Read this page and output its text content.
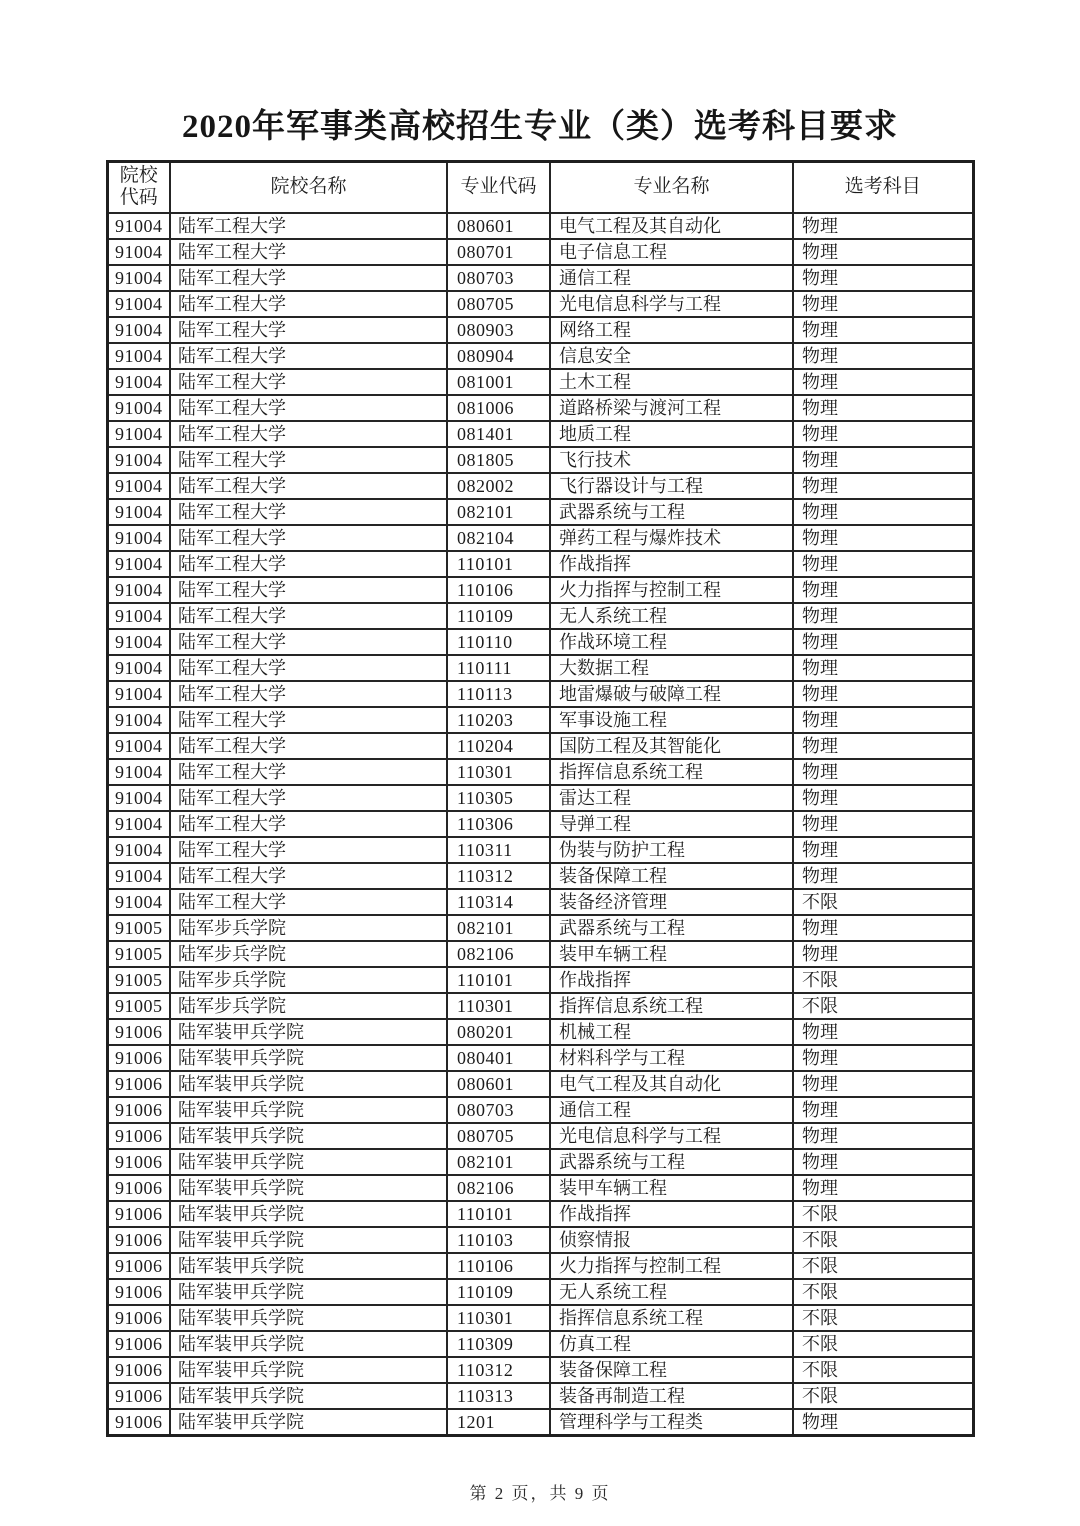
2020年军事类高校招生专业（类）选考科目要求
院校代码	院校名称	专业代码	专业名称	选考科目
91004	陆军工程大学	080601	电气工程及其自动化	物理
91004	陆军工程大学	080701	电子信息工程	物理
91004	陆军工程大学	080703	通信工程	物理
91004	陆军工程大学	080705	光电信息科学与工程	物理
91004	陆军工程大学	080903	网络工程	物理
91004	陆军工程大学	080904	信息安全	物理
91004	陆军工程大学	081001	土木工程	物理
91004	陆军工程大学	081006	道路桥梁与渡河工程	物理
91004	陆军工程大学	081401	地质工程	物理
91004	陆军工程大学	081805	飞行技术	物理
91004	陆军工程大学	082002	飞行器设计与工程	物理
91004	陆军工程大学	082101	武器系统与工程	物理
91004	陆军工程大学	082104	弹药工程与爆炸技术	物理
91004	陆军工程大学	110101	作战指挥	物理
91004	陆军工程大学	110106	火力指挥与控制工程	物理
91004	陆军工程大学	110109	无人系统工程	物理
91004	陆军工程大学	110110	作战环境工程	物理
91004	陆军工程大学	110111	大数据工程	物理
91004	陆军工程大学	110113	地雷爆破与破障工程	物理
91004	陆军工程大学	110203	军事设施工程	物理
91004	陆军工程大学	110204	国防工程及其智能化	物理
91004	陆军工程大学	110301	指挥信息系统工程	物理
91004	陆军工程大学	110305	雷达工程	物理
91004	陆军工程大学	110306	导弹工程	物理
91004	陆军工程大学	110311	伪装与防护工程	物理
91004	陆军工程大学	110312	装备保障工程	物理
91004	陆军工程大学	110314	装备经济管理	不限
91005	陆军步兵学院	082101	武器系统与工程	物理
91005	陆军步兵学院	082106	装甲车辆工程	物理
91005	陆军步兵学院	110101	作战指挥	不限
91005	陆军步兵学院	110301	指挥信息系统工程	不限
91006	陆军装甲兵学院	080201	机械工程	物理
91006	陆军装甲兵学院	080401	材料科学与工程	物理
91006	陆军装甲兵学院	080601	电气工程及其自动化	物理
91006	陆军装甲兵学院	080703	通信工程	物理
91006	陆军装甲兵学院	080705	光电信息科学与工程	物理
91006	陆军装甲兵学院	082101	武器系统与工程	物理
91006	陆军装甲兵学院	082106	装甲车辆工程	物理
91006	陆军装甲兵学院	110101	作战指挥	不限
91006	陆军装甲兵学院	110103	侦察情报	不限
91006	陆军装甲兵学院	110106	火力指挥与控制工程	不限
91006	陆军装甲兵学院	110109	无人系统工程	不限
91006	陆军装甲兵学院	110301	指挥信息系统工程	不限
91006	陆军装甲兵学院	110309	仿真工程	不限
91006	陆军装甲兵学院	110312	装备保障工程	不限
91006	陆军装甲兵学院	110313	装备再制造工程	不限
91006	陆军装甲兵学院	1201	管理科学与工程类	物理
第 2 页，共 9 页
